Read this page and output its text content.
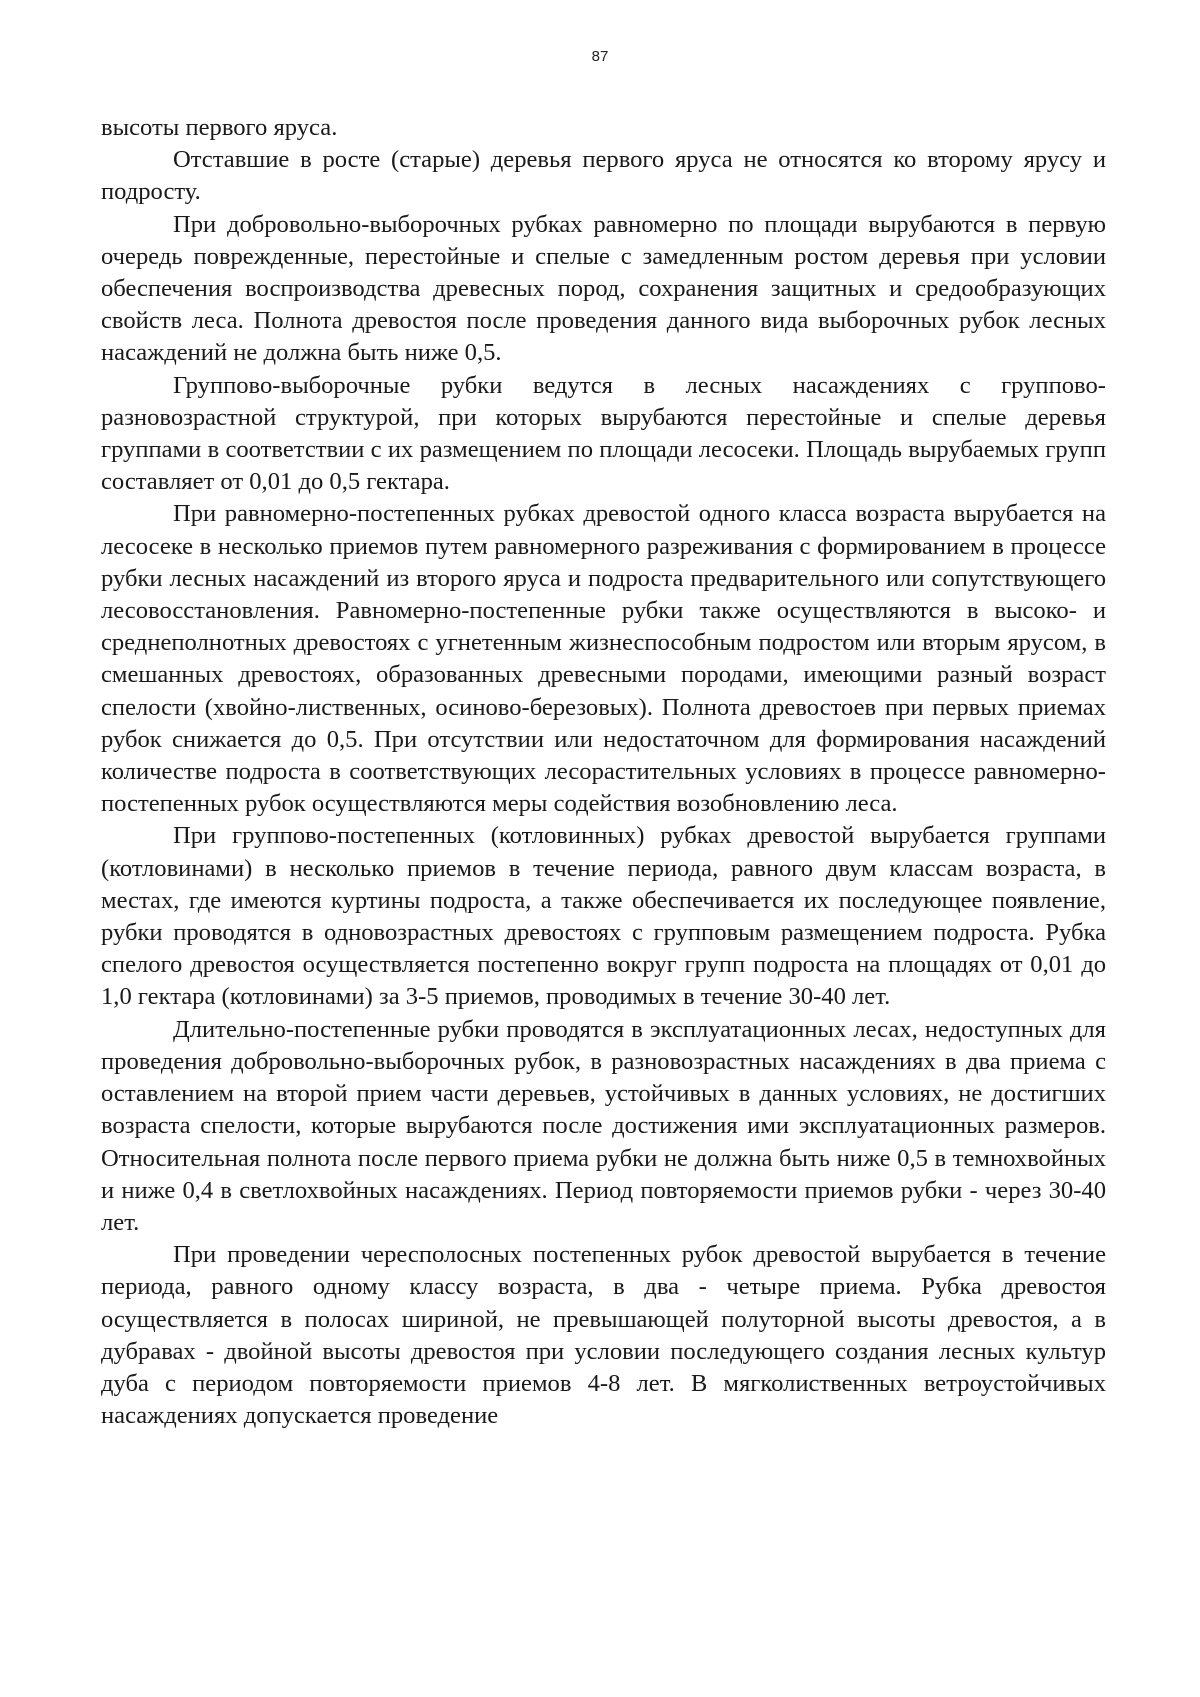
87

высоты первого яруса.

Отставшие в росте (старые) деревья первого яруса не относятся ко второму ярусу и подросту.

При добровольно-выборочных рубках равномерно по площади вырубаются в первую очередь поврежденные, перестойные и спелые с замедленным ростом деревья при условии обеспечения воспроизводства древесных пород, сохранения защитных и средообразующих свойств леса. Полнота древостоя после проведения данного вида выборочных рубок лесных насаждений не должна быть ниже 0,5.

Группово-выборочные рубки ведутся в лесных насаждениях с группово-разновозрастной структурой, при которых вырубаются перестойные и спелые деревья группами в соответствии с их размещением по площади лесосеки. Площадь вырубаемых групп составляет от 0,01 до 0,5 гектара.

При равномерно-постепенных рубках древостой одного класса возраста вырубается на лесосеке в несколько приемов путем равномерного разреживания с формированием в процессе рубки лесных насаждений из второго яруса и подроста предварительного или сопутствующего лесовосстановления. Равномерно-постепенные рубки также осуществляются в высоко- и среднеполнотных древостоях с угнетенным жизнеспособным подростом или вторым ярусом, в смешанных древостоях, образованных древесными породами, имеющими разный возраст спелости (хвойно-лиственных, осиново-березовых). Полнота древостоев при первых приемах рубок снижается до 0,5. При отсутствии или недостаточном для формирования насаждений количестве подроста в соответствующих лесорастительных условиях в процессе равномерно-постепенных рубок осуществляются меры содействия возобновлению леса.

При группово-постепенных (котловинных) рубках древостой вырубается группами (котловинами) в несколько приемов в течение периода, равного двум классам возраста, в местах, где имеются куртины подроста, а также обеспечивается их последующее появление, рубки проводятся в одновозрастных древостоях с групповым размещением подроста. Рубка спелого древостоя осуществляется постепенно вокруг групп подроста на площадях от 0,01 до 1,0 гектара (котловинами) за 3-5 приемов, проводимых в течение 30-40 лет.

Длительно-постепенные рубки проводятся в эксплуатационных лесах, недоступных для проведения добровольно-выборочных рубок, в разновозрастных насаждениях в два приема с оставлением на второй прием части деревьев, устойчивых в данных условиях, не достигших возраста спелости, которые вырубаются после достижения ими эксплуатационных размеров. Относительная полнота после первого приема рубки не должна быть ниже 0,5 в темнохвойных и ниже 0,4 в светлохвойных насаждениях. Период повторяемости приемов рубки - через 30-40 лет.

При проведении чересполосных постепенных рубок древостой вырубается в течение периода, равного одному классу возраста, в два - четыре приема. Рубка древостоя осуществляется в полосах шириной, не превышающей полуторной высоты древостоя, а в дубравах - двойной высоты древостоя при условии последующего создания лесных культур дуба с периодом повторяемости приемов 4-8 лет. В мягколиственных ветроустойчивых насаждениях допускается проведение
